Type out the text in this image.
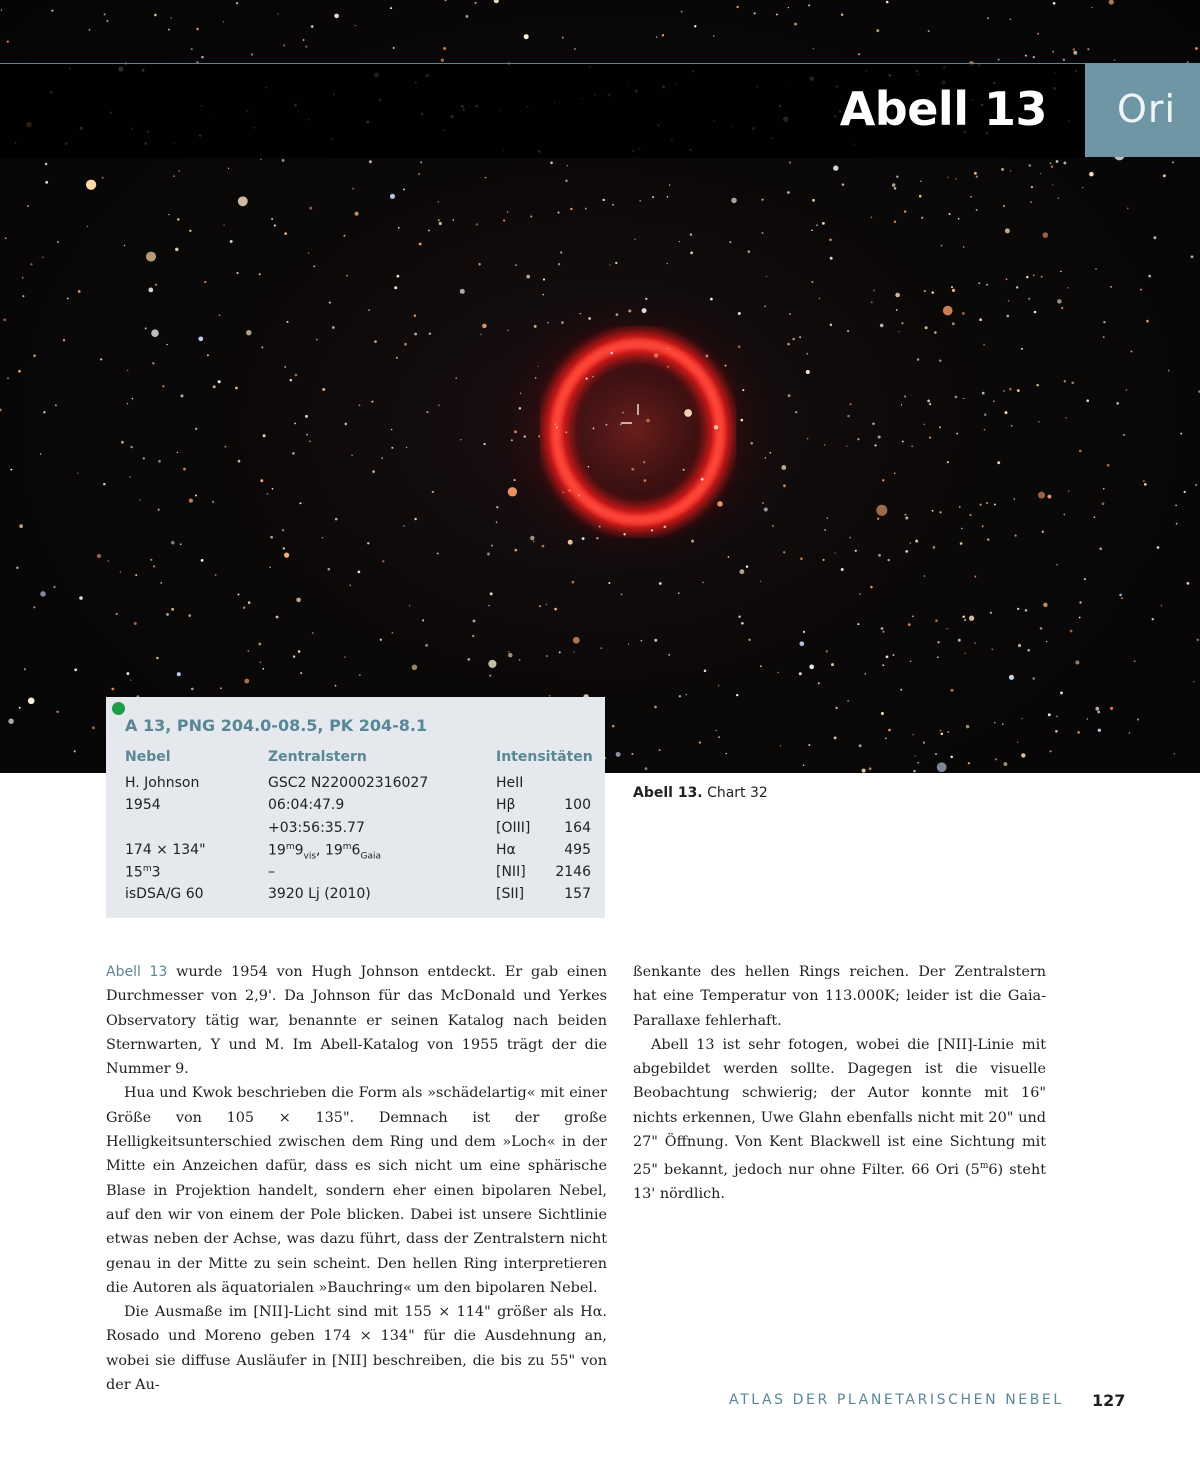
Abell 13 Ori
A 13, PNG 204.0-08.5, PK 204-8.1
Nebel	Zentralstern	Intensitäten
H. Johnson
1954
174 × 134"
15$^m$3
isDSA/G 60
GSC2 N220002316027
06:04:47.9
+03:56:35.77
$19^m9_{vis}$, $19^m6_{Gaia}$
–
3920 Lj (2010)
HeII
Hβ
[OIII]
Hα
[NII]
[SII]
100
164
495
2146
157
Abell 13. Chart 32

Abell 13 wurde 1954 von Hugh Johnson entdeckt. Er gab einen Durchmesser von 2,9'. Da Johnson für das McDonald und Yerkes Observatory tätig war, benannte er seinen Katalog nach beiden Sternwarten, Y und M. Im Abell-Katalog von 1955 trägt der die Nummer 9.

Hua und Kwok beschrieben die Form als »schädelartig« mit einer Größe von 105 × 135". Demnach ist der große Helligkeitsunterschied zwischen dem Ring und dem »Loch« in der Mitte ein Anzeichen dafür, dass es sich nicht um eine sphärische Blase in Projektion handelt, sondern eher einen bipolaren Nebel, auf den wir von einem der Pole blicken. Dabei ist unsere Sichtlinie etwas neben der Achse, was dazu führt, dass der Zentralstern nicht genau in der Mitte zu sein scheint. Den hellen Ring interpretieren die Autoren als äquatorialen »Bauchring« um den bipolaren Nebel.

Die Ausmaße im [NII]-Licht sind mit 155 × 114" größer als Hα. Rosado und Moreno geben 174 × 134" für die Ausdehnung an, wobei sie diffuse Ausläufer in [NII] beschreiben, die bis zu 55" von der Au-

ßenkante des hellen Rings reichen. Der Zentralstern hat eine Temperatur von 113.000K; leider ist die Gaia-Parallaxe fehlerhaft.

Abell 13 ist sehr fotogen, wobei die [NII]-Linie mit abgebildet werden sollte. Dagegen ist die visuelle Beobachtung schwierig; der Autor konnte mit 16" nichts erkennen, Uwe Glahn ebenfalls nicht mit 20" und 27" Öffnung. Von Kent Blackwell ist eine Sichtung mit 25" bekannt, jedoch nur ohne Filter. 66 Ori (5$^m$6) steht 13' nördlich.

ATLAS DER PLANETARISCHEN NEBEL 127
